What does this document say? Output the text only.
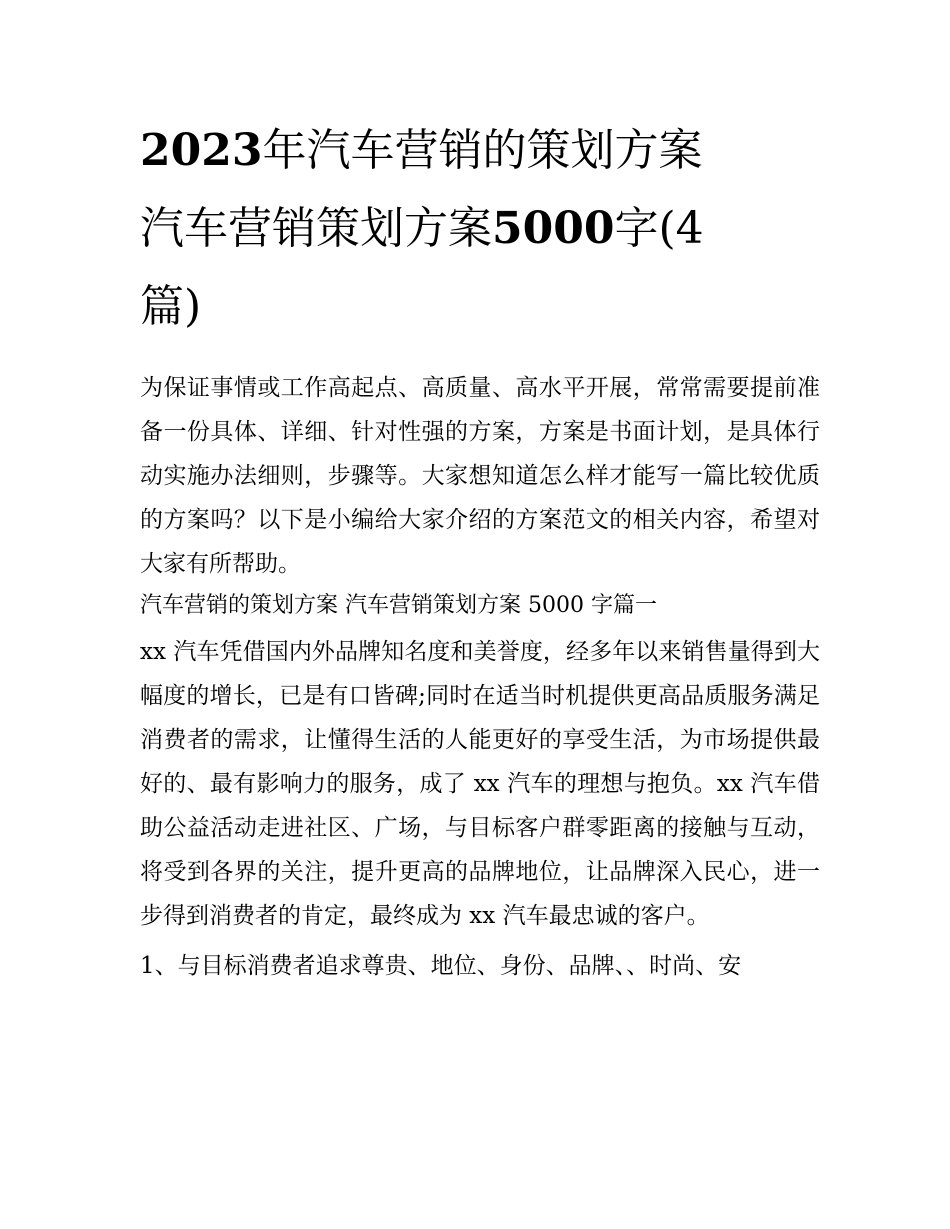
2023年汽车营销的策划方案
汽车营销策划方案5000字(4
篇)

为保证事情或工作高起点、高质量、高水平开展，常常需要提前准备一份具体、详细、针对性强的方案，方案是书面计划，是具体行动实施办法细则，步骤等。大家想知道怎么样才能写一篇比较优质的方案吗？以下是小编给大家介绍的方案范文的相关内容，希望对大家有所帮助。

汽车营销的策划方案 汽车营销策划方案 5000 字篇一

xx 汽车凭借国内外品牌知名度和美誉度，经多年以来销售量得到大幅度的增长，已是有口皆碑;同时在适当时机提供更高品质服务满足消费者的需求，让懂得生活的人能更好的享受生活，为市场提供最好的、最有影响力的服务，成了 xx 汽车的理想与抱负。xx 汽车借助公益活动走进社区、广场，与目标客户群零距离的接触与互动，将受到各界的关注，提升更高的品牌地位，让品牌深入民心，进一步得到消费者的肯定，最终成为 xx 汽车最忠诚的客户。

1、与目标消费者追求尊贵、地位、身份、品牌、、时尚、安
